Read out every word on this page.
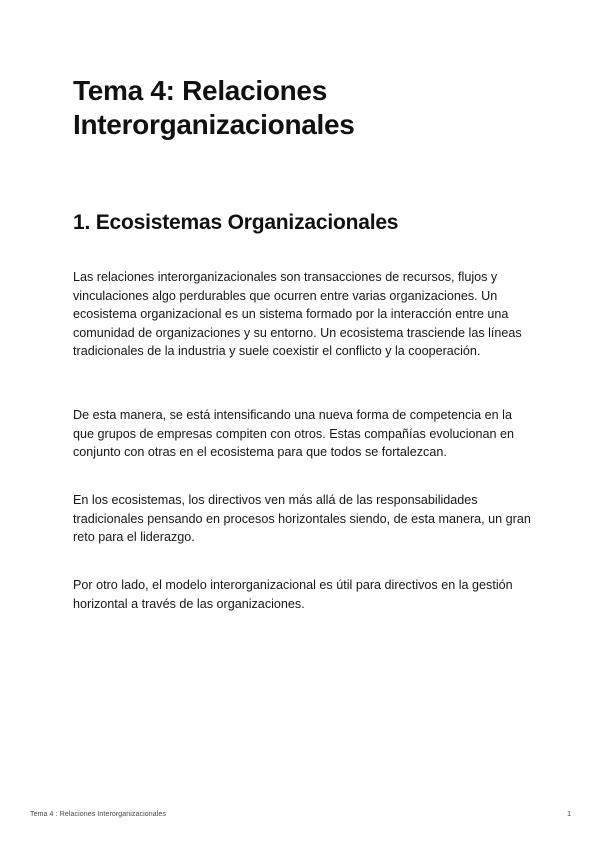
Tema 4: Relaciones Interorganizacionales
1. Ecosistemas Organizacionales

Las relaciones interorganizacionales son transacciones de recursos, flujos y vinculaciones algo perdurables que ocurren entre varias organizaciones. Un ecosistema organizacional es un sistema formado por la interacción entre una comunidad de organizaciones y su entorno. Un ecosistema trasciende las líneas tradicionales de la industria y suele coexistir el conflicto y la cooperación.

De esta manera, se está intensificando una nueva forma de competencia en la que grupos de empresas compiten con otros. Estas compañías evolucionan en conjunto con otras en el ecosistema para que todos se fortalezcan.

En los ecosistemas, los directivos ven más allá de las responsabilidades tradicionales pensando en procesos horizontales siendo, de esta manera, un gran reto para el liderazgo.

Por otro lado, el modelo interorganizacional es útil para directivos en la gestión horizontal a través de las organizaciones.

Tema 4 : Relaciones Interorganizacionales	1
